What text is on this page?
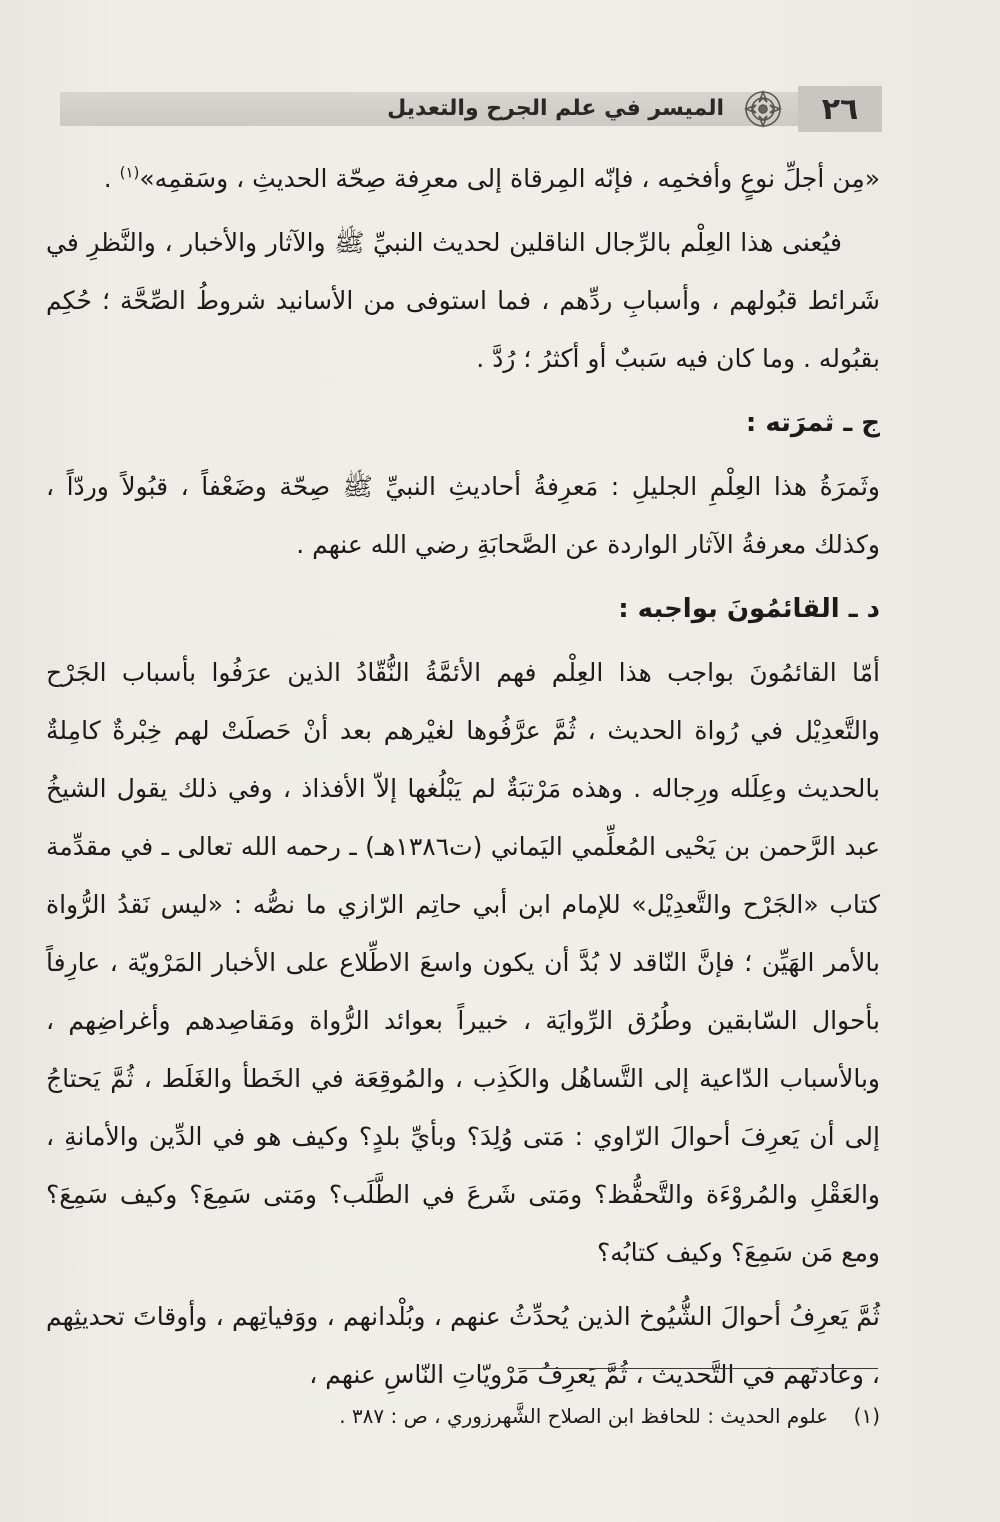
٢٦
الميسر في علم الجرح والتعديل

«مِن أجلِّ نوعٍ وأفخمِه ، فإنّه المِرقاة إلى معرِفة صِحّة الحديثِ ، وسَقمِه»$^{(١)}$ .

فيُعنى هذا العِلْم بالرِّجال الناقلين لحديث النبيِّ ﷺ والآثار والأخبار ، والنَّظرِ في شَرائط قبُولهم ، وأسبابِ ردِّهم ، فما استوفى من الأسانيد شروطُ الصِّحَّة ؛ حُكِم بقبُوله . وما كان فيه سَببٌ أو أكثرُ ؛ رُدَّ .

ج ـ ثمرَته :

وثَمرَةُ هذا العِلْمِ الجليلِ : مَعرِفةُ أحاديثِ النبيِّ ﷺ صِحّة وضَعْفاً ، قبُولاً وردّاً ، وكذلك معرفةُ الآثار الواردة عن الصَّحابَةِ رضي الله عنهم .

د ـ القائمُونَ بواجبه :

أمّا القائمُونَ بواجب هذا العِلْم فهم الأئمَّةُ النُّقّادُ الذين عرَفُوا بأسباب الجَرْح والتَّعدِيْل في رُواة الحديث ، ثُمَّ عرَّفُوها لغيْرهم بعد أنْ حَصلَتْ لهم خِبْرةٌ كامِلةٌ بالحديث وعِلَله ورِجاله . وهذه مَرْتبَةٌ لم يَبْلُغها إلاّ الأفذاذ ، وفي ذلك يقول الشيخُ عبد الرَّحمن بن يَحْيى المُعلِّمي اليَماني (ت١٣٨٦هـ) ـ رحمه الله تعالى ـ في مقدِّمة كتاب «الجَرْح والتَّعدِيْل» للإمام ابن أبي حاتِم الرّازي ما نصُّه : «ليس نَقدُ الرُّواة بالأمر الهَيِّن ؛ فإنَّ النّاقد لا بُدَّ أن يكون واسعَ الاطِّلاع على الأخبار المَرْويّة ، عارِفاً بأحوال السّابقين وطُرُق الرِّوايَة ، خبيراً بعوائد الرُّواة ومَقاصِدهم وأغراضِهم ، وبالأسباب الدّاعية إلى التَّساهُل والكَذِب ، والمُوقِعَة في الخَطأ والغَلَط ، ثُمَّ يَحتاجُ إلى أن يَعرِفَ أحوالَ الرّاوي : مَتى وُلِدَ؟ وبأيِّ بلدٍ؟ وكيف هو في الدِّين والأمانةِ ، والعَقْلِ والمُروْءَة والتَّحفُّظ؟ ومَتى شَرعَ في الطَّلَب؟ ومَتى سَمِعَ؟ وكيف سَمِعَ؟ ومع مَن سَمِعَ؟ وكيف كتابُه؟

ثُمَّ يَعرِفُ أحوالَ الشُّيُوخ الذين يُحدِّثُ عنهم ، وبُلْدانهم ، ووَفياتِهم ، وأوقاتَ تحديثِهم ، وعادتَهم في التَّحديث ، ثُمَّ يَعرِفُ مَرْويّاتِ النّاسِ عنهم ،

(١)    علوم الحديث : للحافظ ابن الصلاح الشَّهرزوري ، ص : ٣٨٧ .
